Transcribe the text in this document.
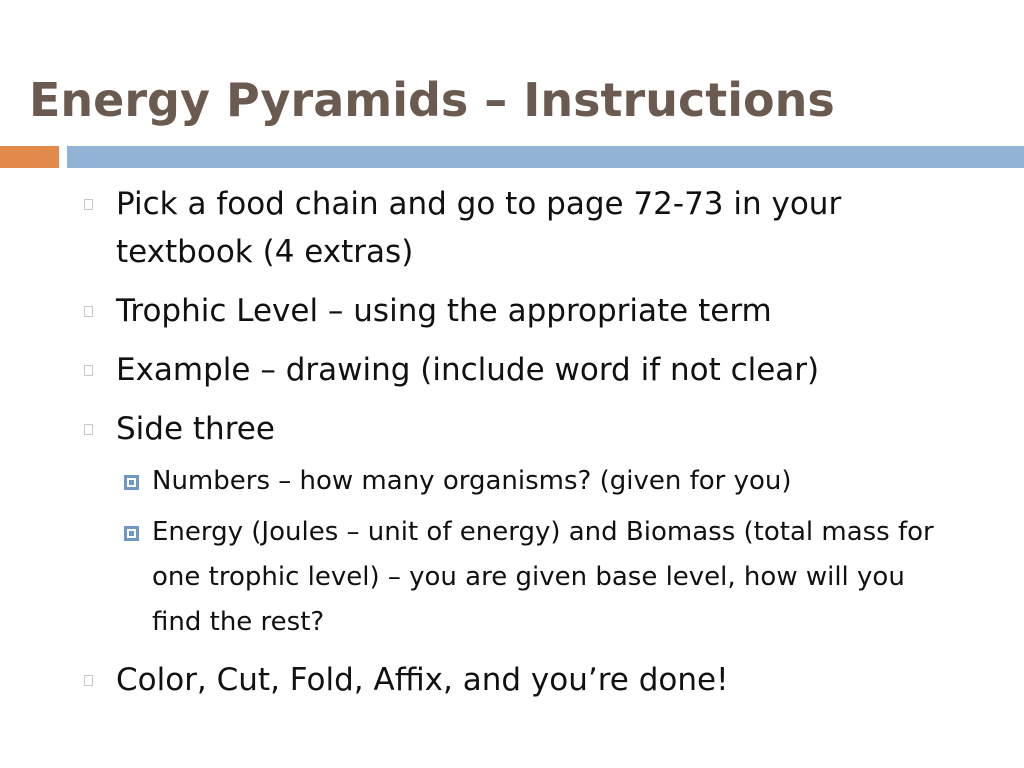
Energy Pyramids – Instructions
Pick a food chain and go to page 72-73 in your textbook (4 extras)
Trophic Level – using the appropriate term
Example – drawing (include word if not clear)
Side three
Numbers – how many organisms? (given for you)
Energy (Joules – unit of energy) and Biomass (total mass for one trophic level) – you are given base level, how will you find the rest?
Color, Cut, Fold, Affix, and you’re done!
